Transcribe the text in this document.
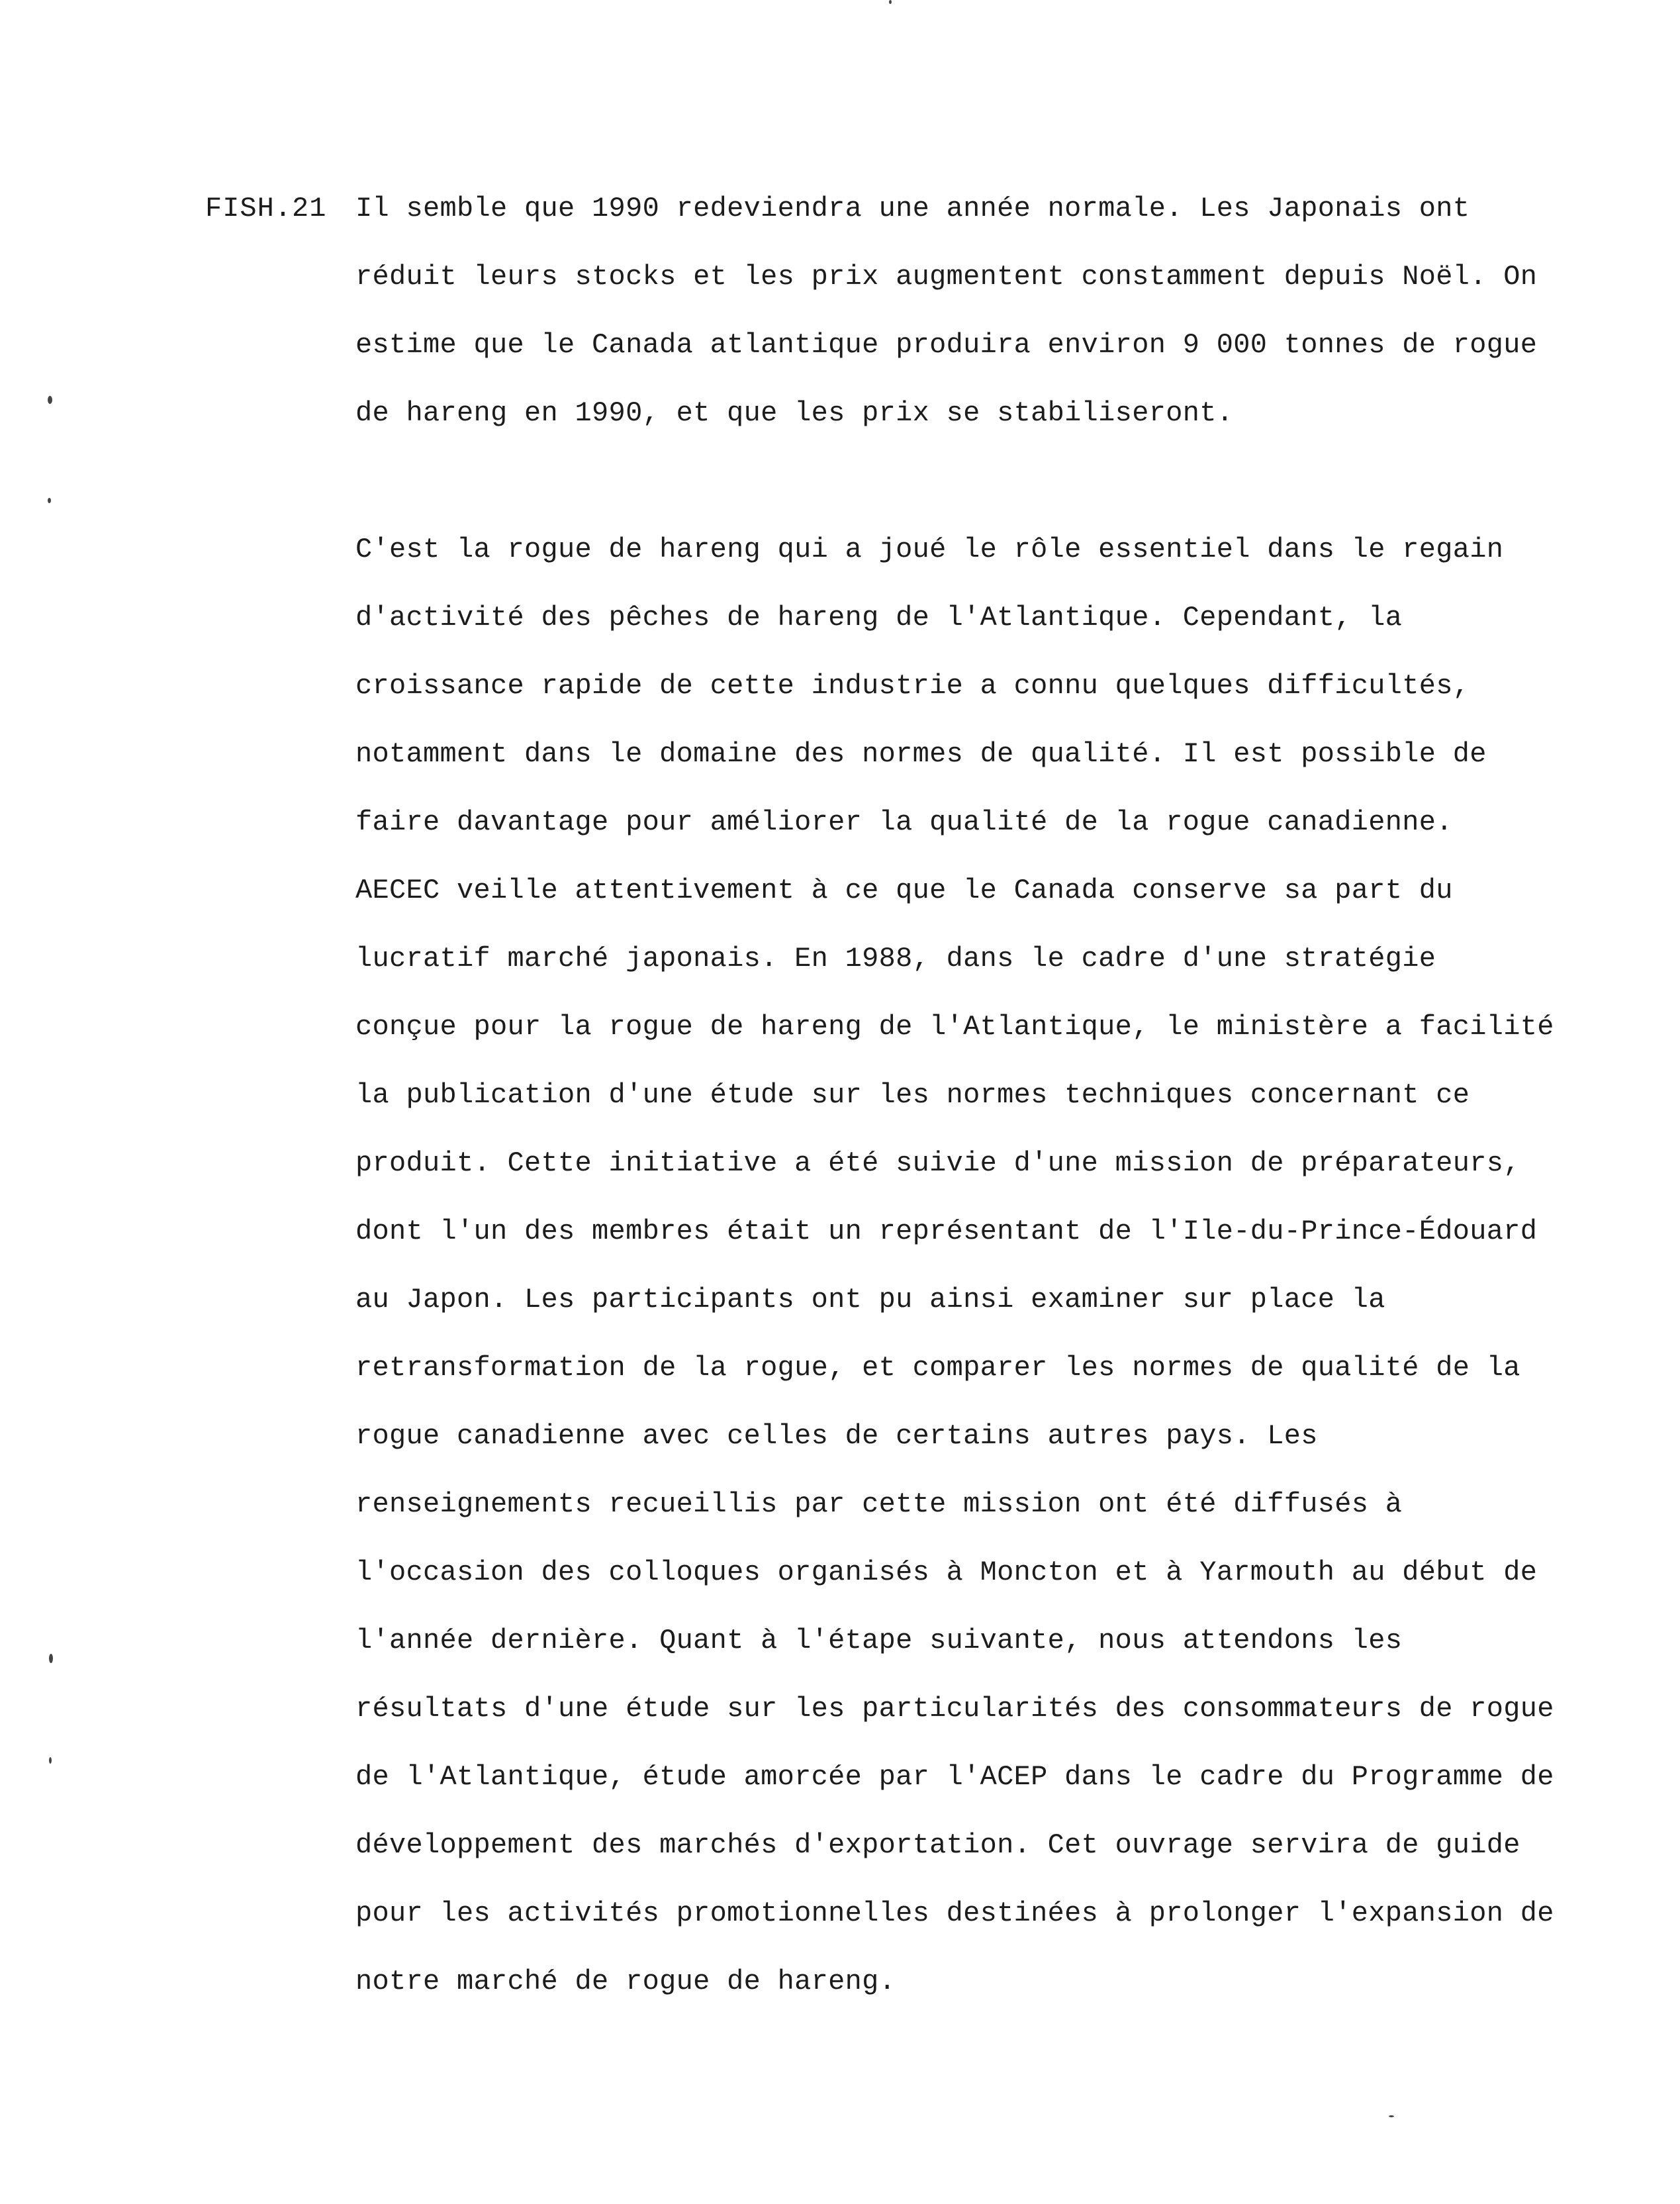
FISH.21 Il semble que 1990 redeviendra une année normale. Les Japonais ont
réduit leurs stocks et les prix augmentent constamment depuis Noël. On
estime que le Canada atlantique produira environ 9 000 tonnes de rogue
de hareng en 1990, et que les prix se stabiliseront.
C'est la rogue de hareng qui a joué le rôle essentiel dans le regain
d'activité des pêches de hareng de l'Atlantique. Cependant, la
croissance rapide de cette industrie a connu quelques difficultés,
notamment dans le domaine des normes de qualité. Il est possible de
faire davantage pour améliorer la qualité de la rogue canadienne.
AECEC veille attentivement à ce que le Canada conserve sa part du
lucratif marché japonais. En 1988, dans le cadre d'une stratégie
conçue pour la rogue de hareng de l'Atlantique, le ministère a facilité
la publication d'une étude sur les normes techniques concernant ce
produit. Cette initiative a été suivie d'une mission de préparateurs,
dont l'un des membres était un représentant de l'Ile-du-Prince-Édouard
au Japon. Les participants ont pu ainsi examiner sur place la
retransformation de la rogue, et comparer les normes de qualité de la
rogue canadienne avec celles de certains autres pays. Les
renseignements recueillis par cette mission ont été diffusés à
l'occasion des colloques organisés à Moncton et à Yarmouth au début de
l'année dernière. Quant à l'étape suivante, nous attendons les
résultats d'une étude sur les particularités des consommateurs de rogue
de l'Atlantique, étude amorcée par l'ACEP dans le cadre du Programme de
développement des marchés d'exportation. Cet ouvrage servira de guide
pour les activités promotionnelles destinées à prolonger l'expansion de
notre marché de rogue de hareng.
